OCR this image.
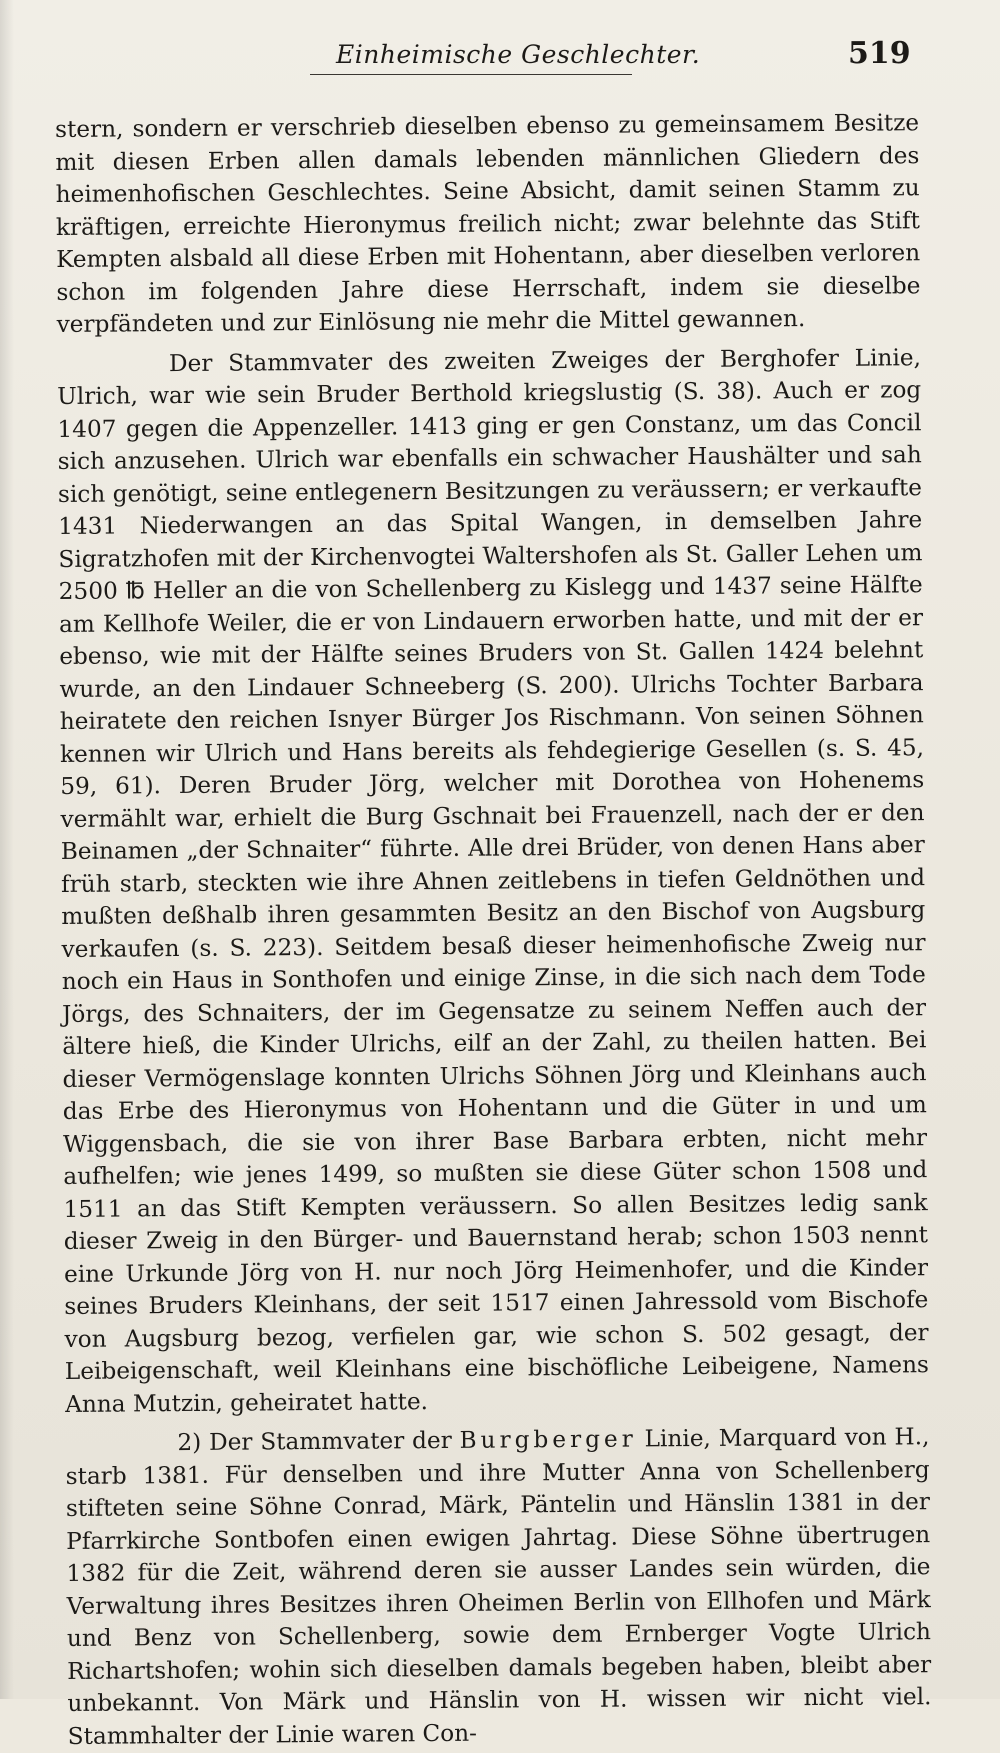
Einheimische Geschlechter.	519

stern, sondern er verschrieb dieselben ebenso zu gemeinsamem Besitze mit diesen Erben allen damals lebenden männlichen Gliedern des heimenhofischen Geschlechtes. Seine Absicht, damit seinen Stamm zu kräftigen, erreichte Hieronymus freilich nicht; zwar belehnte das Stift Kempten alsbald all diese Erben mit Hohentann, aber dieselben verloren schon im folgenden Jahre diese Herrschaft, indem sie dieselbe verpfändeten und zur Einlösung nie mehr die Mittel gewannen.

Der Stammvater des zweiten Zweiges der Berghofer Linie, Ulrich, war wie sein Bruder Berthold kriegslustig (S. 38). Auch er zog 1407 gegen die Appenzeller. 1413 ging er gen Constanz, um das Concil sich anzusehen. Ulrich war ebenfalls ein schwacher Haushälter und sah sich genötigt, seine entlegenern Besitzungen zu veräussern; er verkaufte 1431 Niederwangen an das Spital Wangen, in demselben Jahre Sigratzhofen mit der Kirchenvogtei Waltershofen als St. Galler Lehen um 2500 ℔ Heller an die von Schellenberg zu Kislegg und 1437 seine Hälfte am Kellhofe Weiler, die er von Lindauern erworben hatte, und mit der er ebenso, wie mit der Hälfte seines Bruders von St. Gallen 1424 belehnt wurde, an den Lindauer Schneeberg (S. 200). Ulrichs Tochter Barbara heiratete den reichen Isnyer Bürger Jos Rischmann. Von seinen Söhnen kennen wir Ulrich und Hans bereits als fehdegierige Gesellen (s. S. 45, 59, 61). Deren Bruder Jörg, welcher mit Dorothea von Hohenems vermählt war, erhielt die Burg Gschnait bei Frauenzell, nach der er den Beinamen „der Schnaiter“ führte. Alle drei Brüder, von denen Hans aber früh starb, steckten wie ihre Ahnen zeitlebens in tiefen Geldnöthen und mußten deßhalb ihren gesammten Besitz an den Bischof von Augsburg verkaufen (s. S. 223). Seitdem besaß dieser heimenhofische Zweig nur noch ein Haus in Sonthofen und einige Zinse, in die sich nach dem Tode Jörgs, des Schnaiters, der im Gegensatze zu seinem Neffen auch der ältere hieß, die Kinder Ulrichs, eilf an der Zahl, zu theilen hatten. Bei dieser Vermögenslage konnten Ulrichs Söhnen Jörg und Kleinhans auch das Erbe des Hieronymus von Hohentann und die Güter in und um Wiggensbach, die sie von ihrer Base Barbara erbten, nicht mehr aufhelfen; wie jenes 1499, so mußten sie diese Güter schon 1508 und 1511 an das Stift Kempten veräussern. So allen Besitzes ledig sank dieser Zweig in den Bürger- und Bauernstand herab; schon 1503 nennt eine Urkunde Jörg von H. nur noch Jörg Heimenhofer, und die Kinder seines Bruders Kleinhans, der seit 1517 einen Jahressold vom Bischofe von Augsburg bezog, verfielen gar, wie schon S. 502 gesagt, der Leibeigenschaft, weil Kleinhans eine bischöfliche Leibeigene, Namens Anna Mutzin, geheiratet hatte.

2) Der Stammvater der Burgberger Linie, Marquard von H., starb 1381. Für denselben und ihre Mutter Anna von Schellenberg stifteten seine Söhne Conrad, Märk, Päntelin und Hänslin 1381 in der Pfarrkirche Sontbofen einen ewigen Jahrtag. Diese Söhne übertrugen 1382 für die Zeit, während deren sie ausser Landes sein würden, die Verwaltung ihres Besitzes ihren Oheimen Berlin von Ellhofen und Märk und Benz von Schellenberg, sowie dem Ernberger Vogte Ulrich Richartshofen; wohin sich dieselben damals begeben haben, bleibt aber unbekannt. Von Märk und Hänslin von H. wissen wir nicht viel. Stammhalter der Linie waren Con-
